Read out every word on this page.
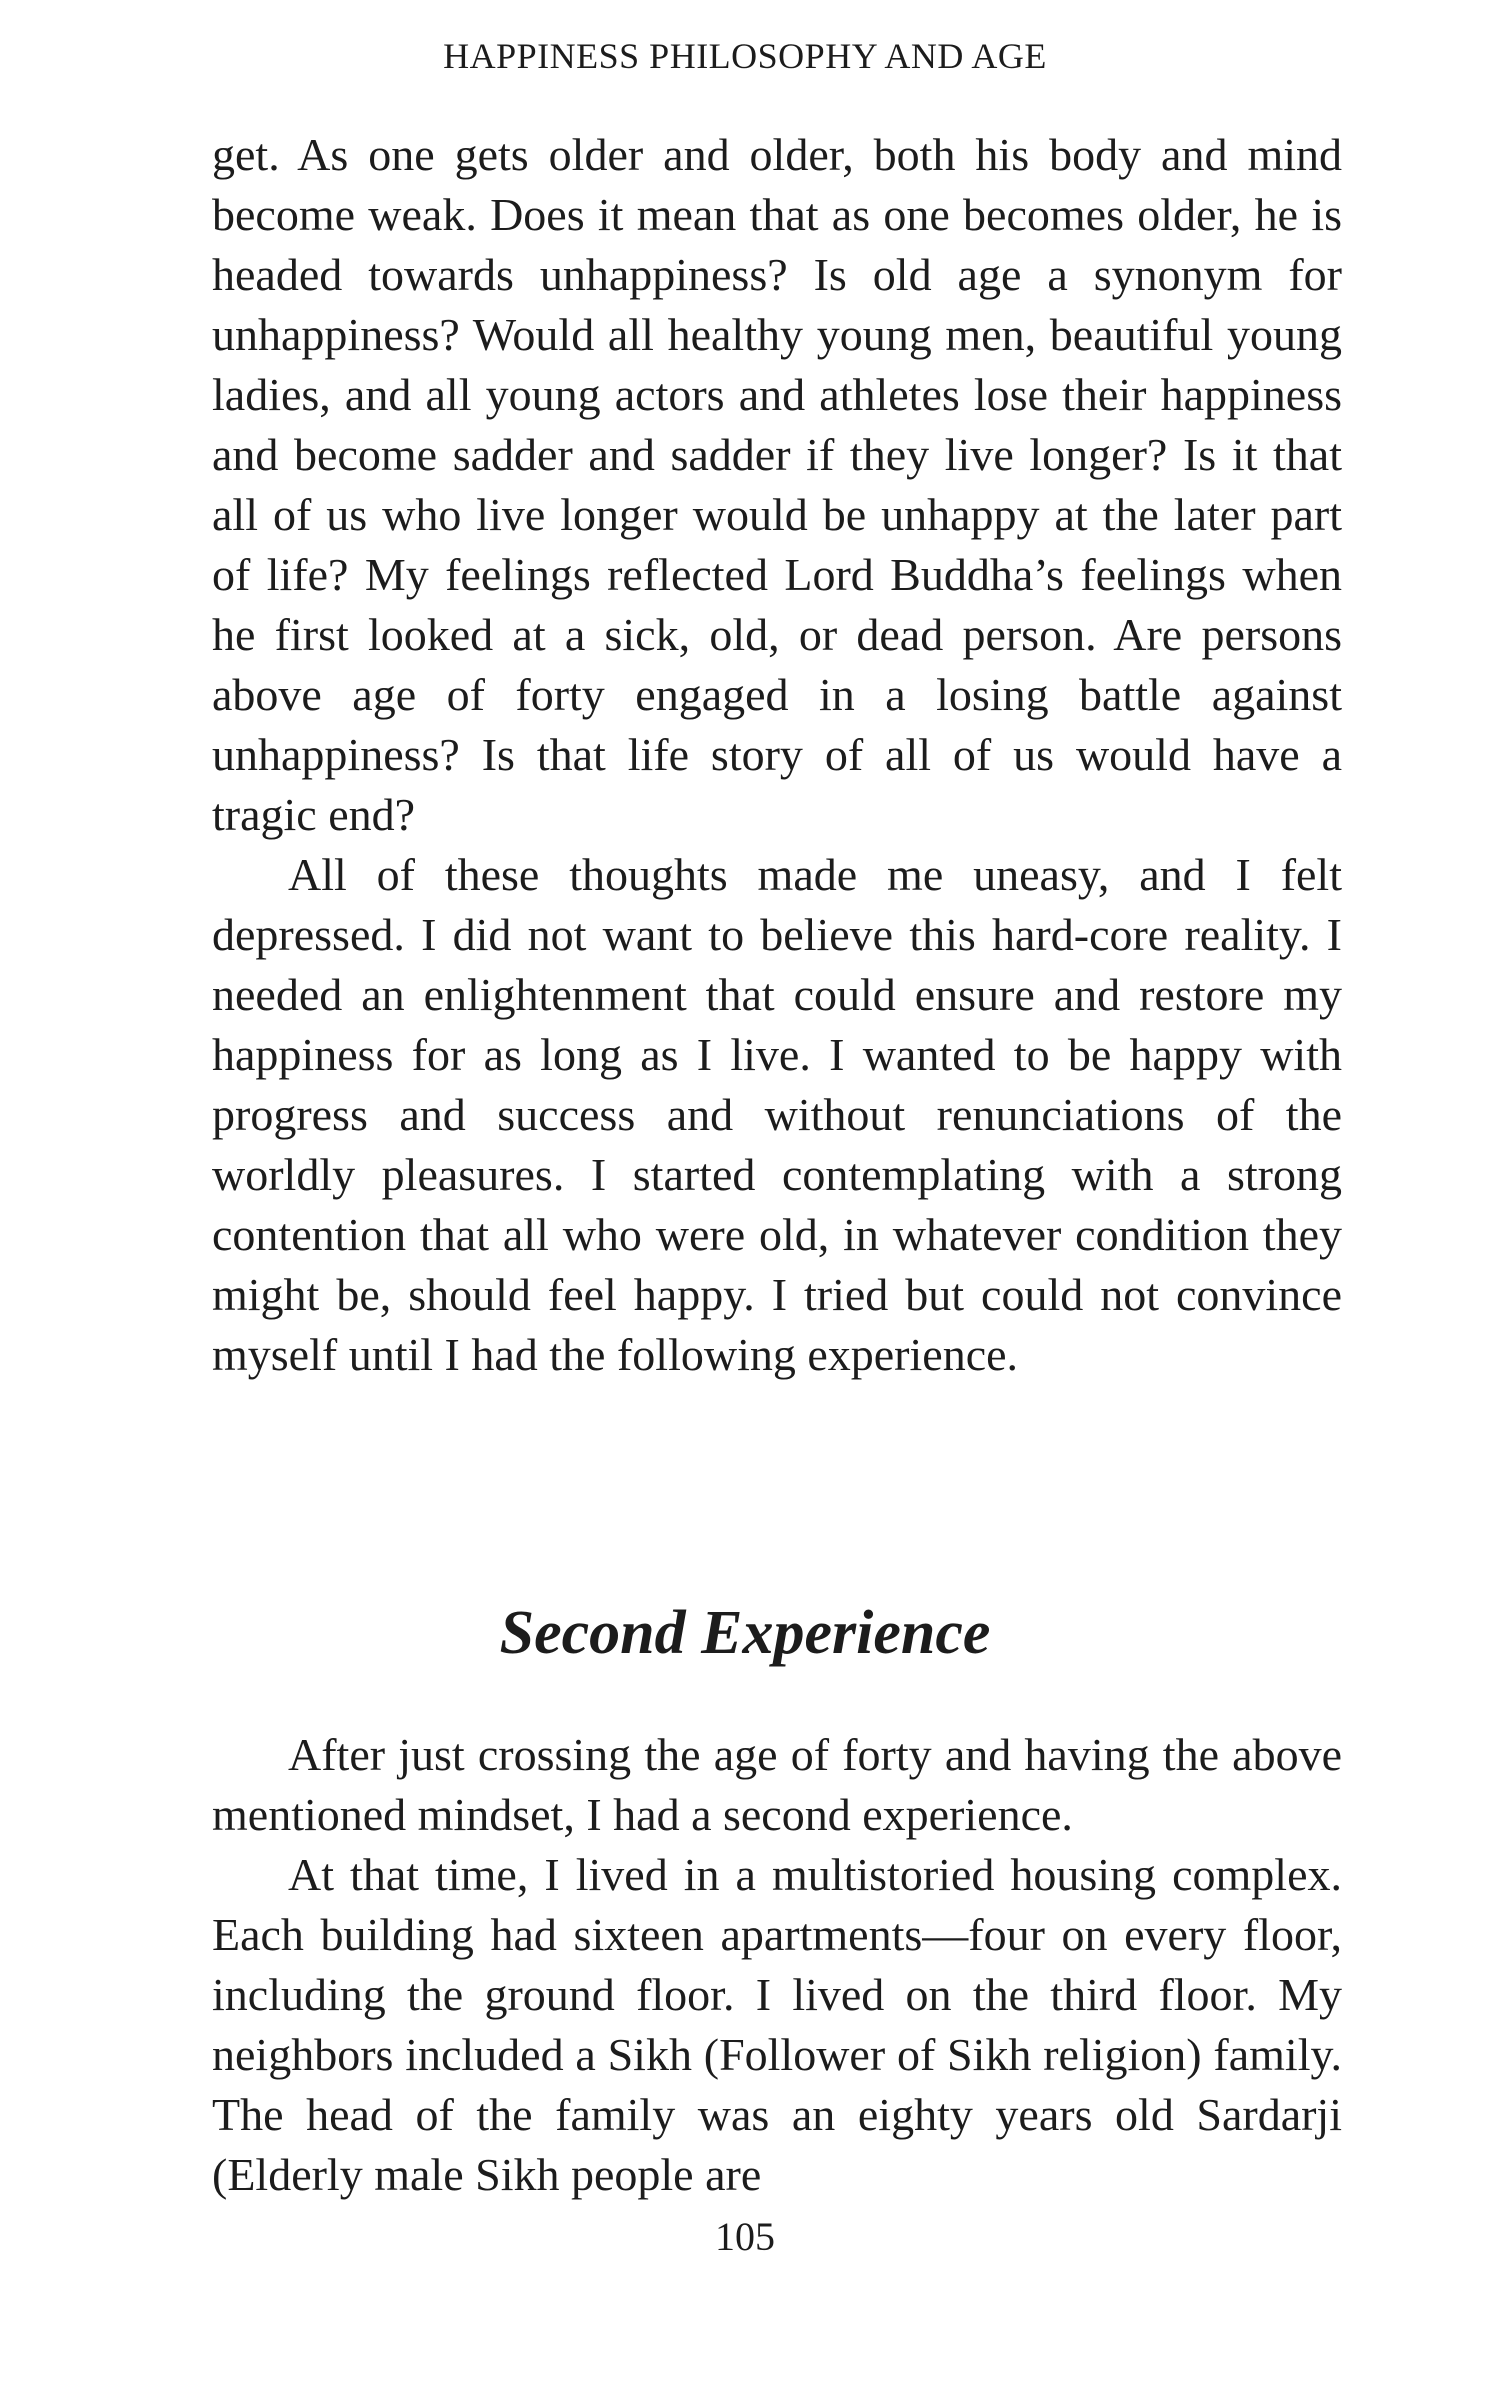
HAPPINESS PHILOSOPHY AND AGE

get. As one gets older and older, both his body and mind become weak. Does it mean that as one becomes older, he is headed towards unhappiness? Is old age a synonym for unhappiness? Would all healthy young men, beautiful young ladies, and all young actors and athletes lose their happiness and become sadder and sadder if they live longer? Is it that all of us who live longer would be unhappy at the later part of life? My feelings reflected Lord Buddha’s feelings when he first looked at a sick, old, or dead person. Are persons above age of forty engaged in a losing battle against unhappiness? Is that life story of all of us would have a tragic end?

All of these thoughts made me uneasy, and I felt depressed. I did not want to believe this hard-core reality. I needed an enlightenment that could ensure and restore my happiness for as long as I live. I wanted to be happy with progress and success and without renunciations of the worldly pleasures. I started contemplating with a strong contention that all who were old, in whatever condition they might be, should feel happy. I tried but could not convince myself until I had the following experience.

Second Experience

After just crossing the age of forty and having the above mentioned mindset, I had a second experience.

At that time, I lived in a multistoried housing complex. Each building had sixteen apartments—four on every floor, including the ground floor. I lived on the third floor. My neighbors included a Sikh (Follower of Sikh religion) family. The head of the family was an eighty years old Sardarji (Elderly male Sikh people are

105
